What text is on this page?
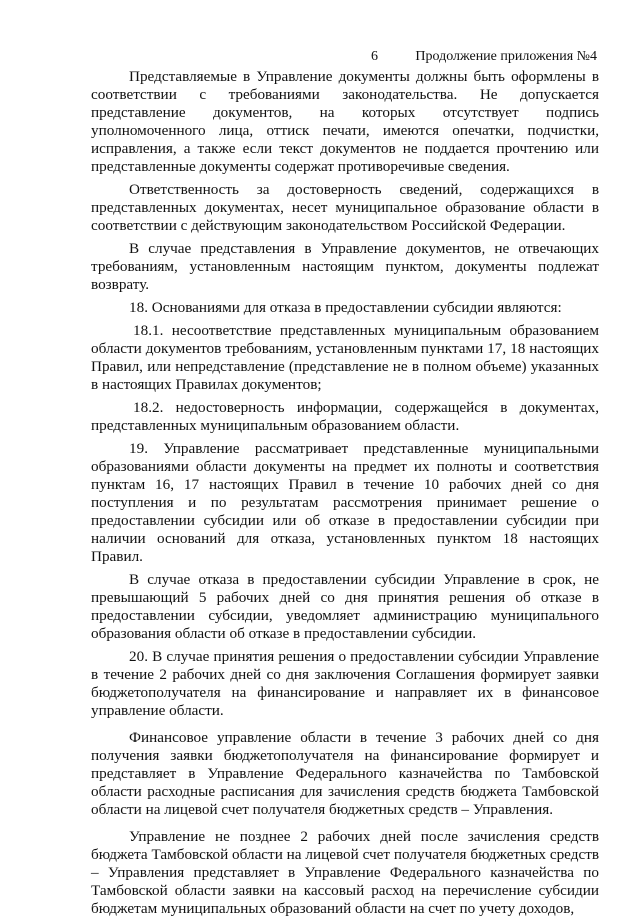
6	Продолжение приложения №4

Представляемые в Управление документы должны быть оформлены в соответствии с требованиями законодательства. Не допускается представление документов, на которых отсутствует подпись уполномоченного лица, оттиск печати, имеются опечатки, подчистки, исправления, а также если текст документов не поддается прочтению или представленные документы содержат противоречивые сведения.

Ответственность за достоверность сведений, содержащихся в представленных документах, несет муниципальное образование области в соответствии с действующим законодательством Российской Федерации.

В случае представления в Управление документов, не отвечающих требованиям, установленным настоящим пунктом, документы подлежат возврату.

18. Основаниями для отказа в предоставлении субсидии являются:

18.1. несоответствие представленных муниципальным образованием области документов требованиям, установленным пунктами 17, 18 настоящих Правил, или непредставление (представление не в полном объеме) указанных в настоящих Правилах документов;

18.2. недостоверность информации, содержащейся в документах, представленных муниципальным образованием области.

19. Управление рассматривает представленные муниципальными образованиями области документы на предмет их полноты и соответствия пунктам 16, 17 настоящих Правил в течение 10 рабочих дней со дня поступления и по результатам рассмотрения принимает решение о предоставлении субсидии или об отказе в предоставлении субсидии при наличии оснований для отказа, установленных пунктом 18 настоящих Правил.

В случае отказа в предоставлении субсидии Управление в срок, не превышающий 5 рабочих дней со дня принятия решения об отказе в предоставлении субсидии, уведомляет администрацию муниципального образования области об отказе в предоставлении субсидии.

20. В случае принятия решения о предоставлении субсидии Управление в течение 2 рабочих дней со дня заключения Соглашения формирует заявки бюджетополучателя на финансирование и направляет их в финансовое управление области.

Финансовое управление области в течение 3 рабочих дней со дня получения заявки бюджетополучателя на финансирование формирует и представляет в Управление Федерального казначейства по Тамбовской области расходные расписания для зачисления средств бюджета Тамбовской области на лицевой счет получателя бюджетных средств – Управления.

Управление не позднее 2 рабочих дней после зачисления средств бюджета Тамбовской области на лицевой счет получателя бюджетных средств – Управления представляет в Управление Федерального казначейства по Тамбовской области заявки на кассовый расход на перечисление субсидии бюджетам муниципальных образований области на счет по учету доходов,
